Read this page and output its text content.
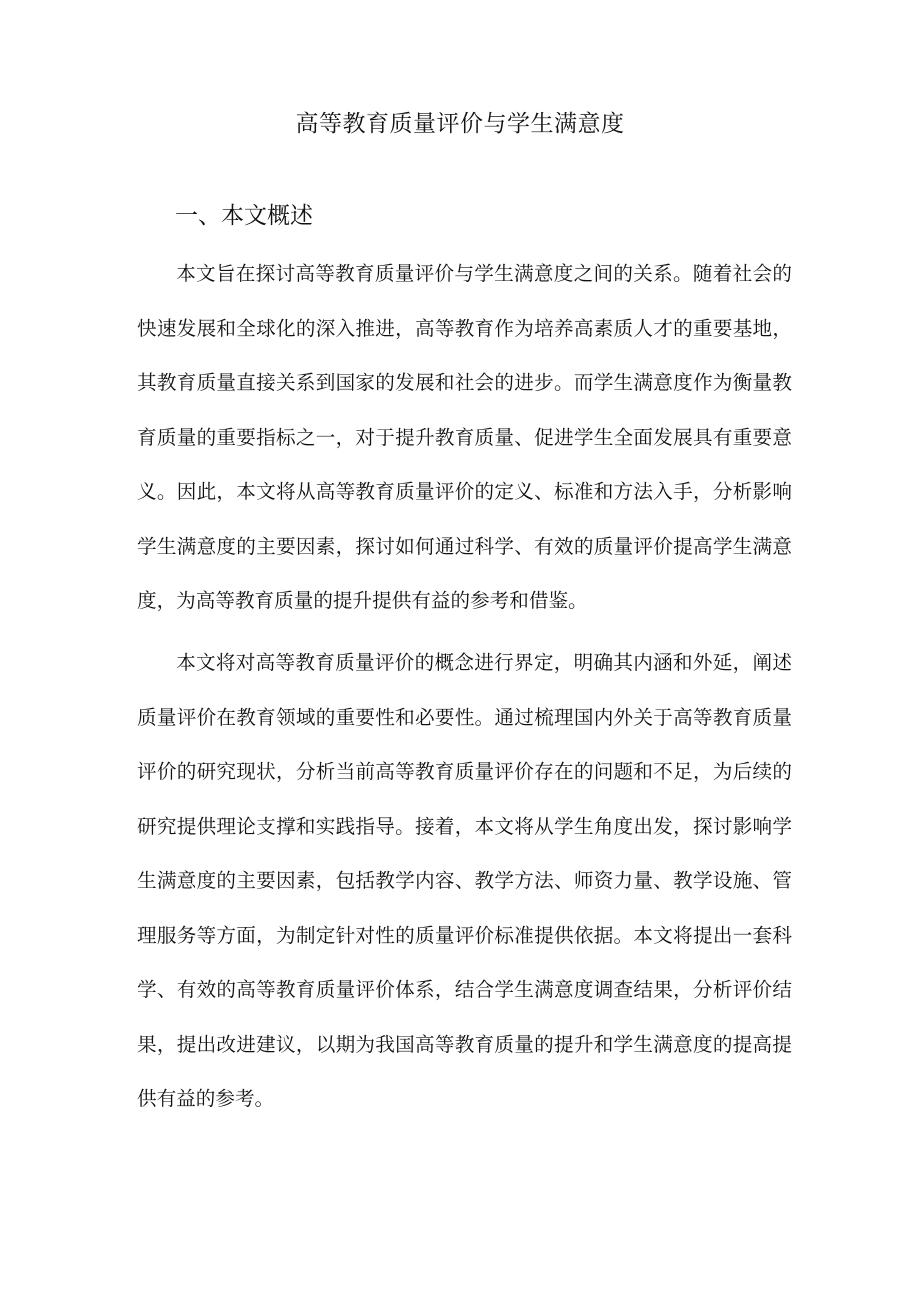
高等教育质量评价与学生满意度
一、本文概述

本文旨在探讨高等教育质量评价与学生满意度之间的关系。随着社会的快速发展和全球化的深入推进，高等教育作为培养高素质人才的重要基地，其教育质量直接关系到国家的发展和社会的进步。而学生满意度作为衡量教育质量的重要指标之一，对于提升教育质量、促进学生全面发展具有重要意义。因此，本文将从高等教育质量评价的定义、标准和方法入手，分析影响学生满意度的主要因素，探讨如何通过科学、有效的质量评价提高学生满意度，为高等教育质量的提升提供有益的参考和借鉴。

本文将对高等教育质量评价的概念进行界定，明确其内涵和外延，阐述质量评价在教育领域的重要性和必要性。通过梳理国内外关于高等教育质量评价的研究现状，分析当前高等教育质量评价存在的问题和不足，为后续的研究提供理论支撑和实践指导。接着，本文将从学生角度出发，探讨影响学生满意度的主要因素，包括教学内容、教学方法、师资力量、教学设施、管理服务等方面，为制定针对性的质量评价标准提供依据。本文将提出一套科学、有效的高等教育质量评价体系，结合学生满意度调查结果，分析评价结果，提出改进建议，以期为我国高等教育质量的提升和学生满意度的提高提供有益的参考。
